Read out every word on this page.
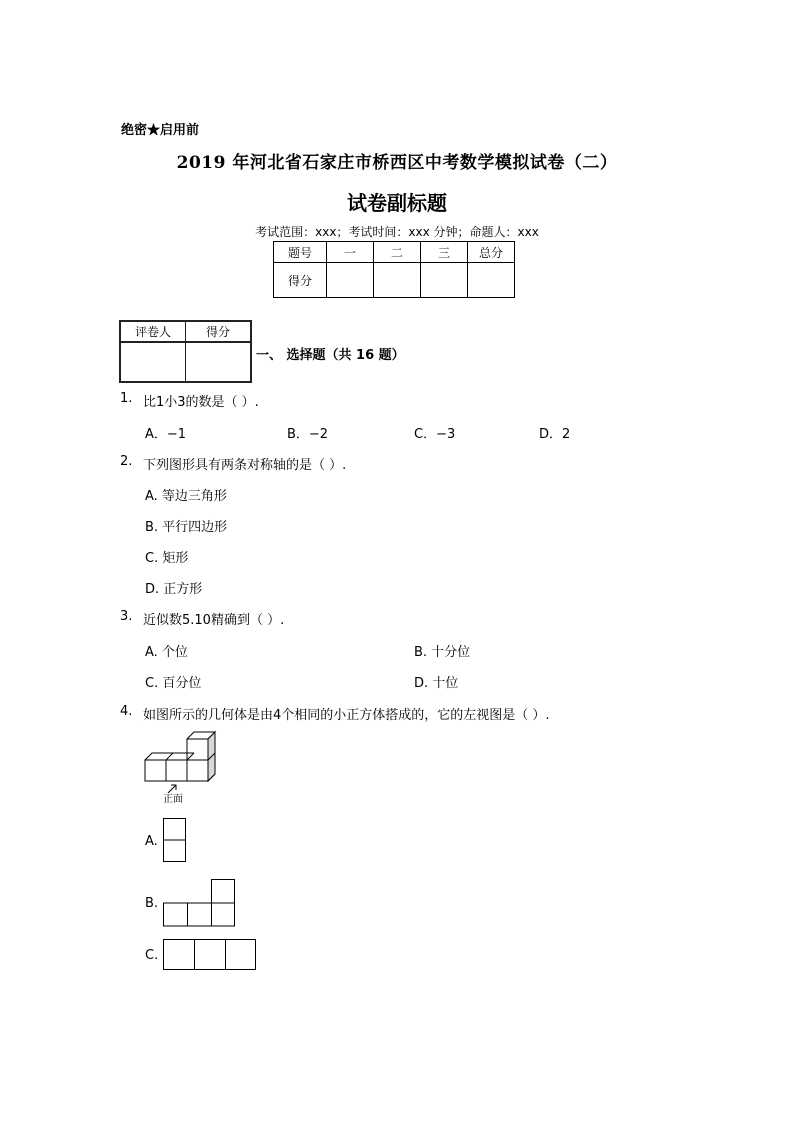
绝密★启用前
2019 年河北省石家庄市桥西区中考数学模拟试卷（二）
试卷副标题
考试范围：xxx；考试时间：xxx 分钟；命题人：xxx
题号	一	二	三	总分
得分				
评卷人	得分

一、 选择题（共 16 题）
1. 比1小3的数是（ ）.
A．−1	B．−2	C．−3	D．2
2. 下列图形具有两条对称轴的是（ ）.
A. 等边三角形
B. 平行四边形
C. 矩形
D. 正方形
3. 近似数5.10精确到（ ）.
A. 个位	B. 十分位
C. 百分位	D. 十位
4. 如图所示的几何体是由4个相同的小正方体搭成的，它的左视图是（ ）.
正面
A.
B.
C.
